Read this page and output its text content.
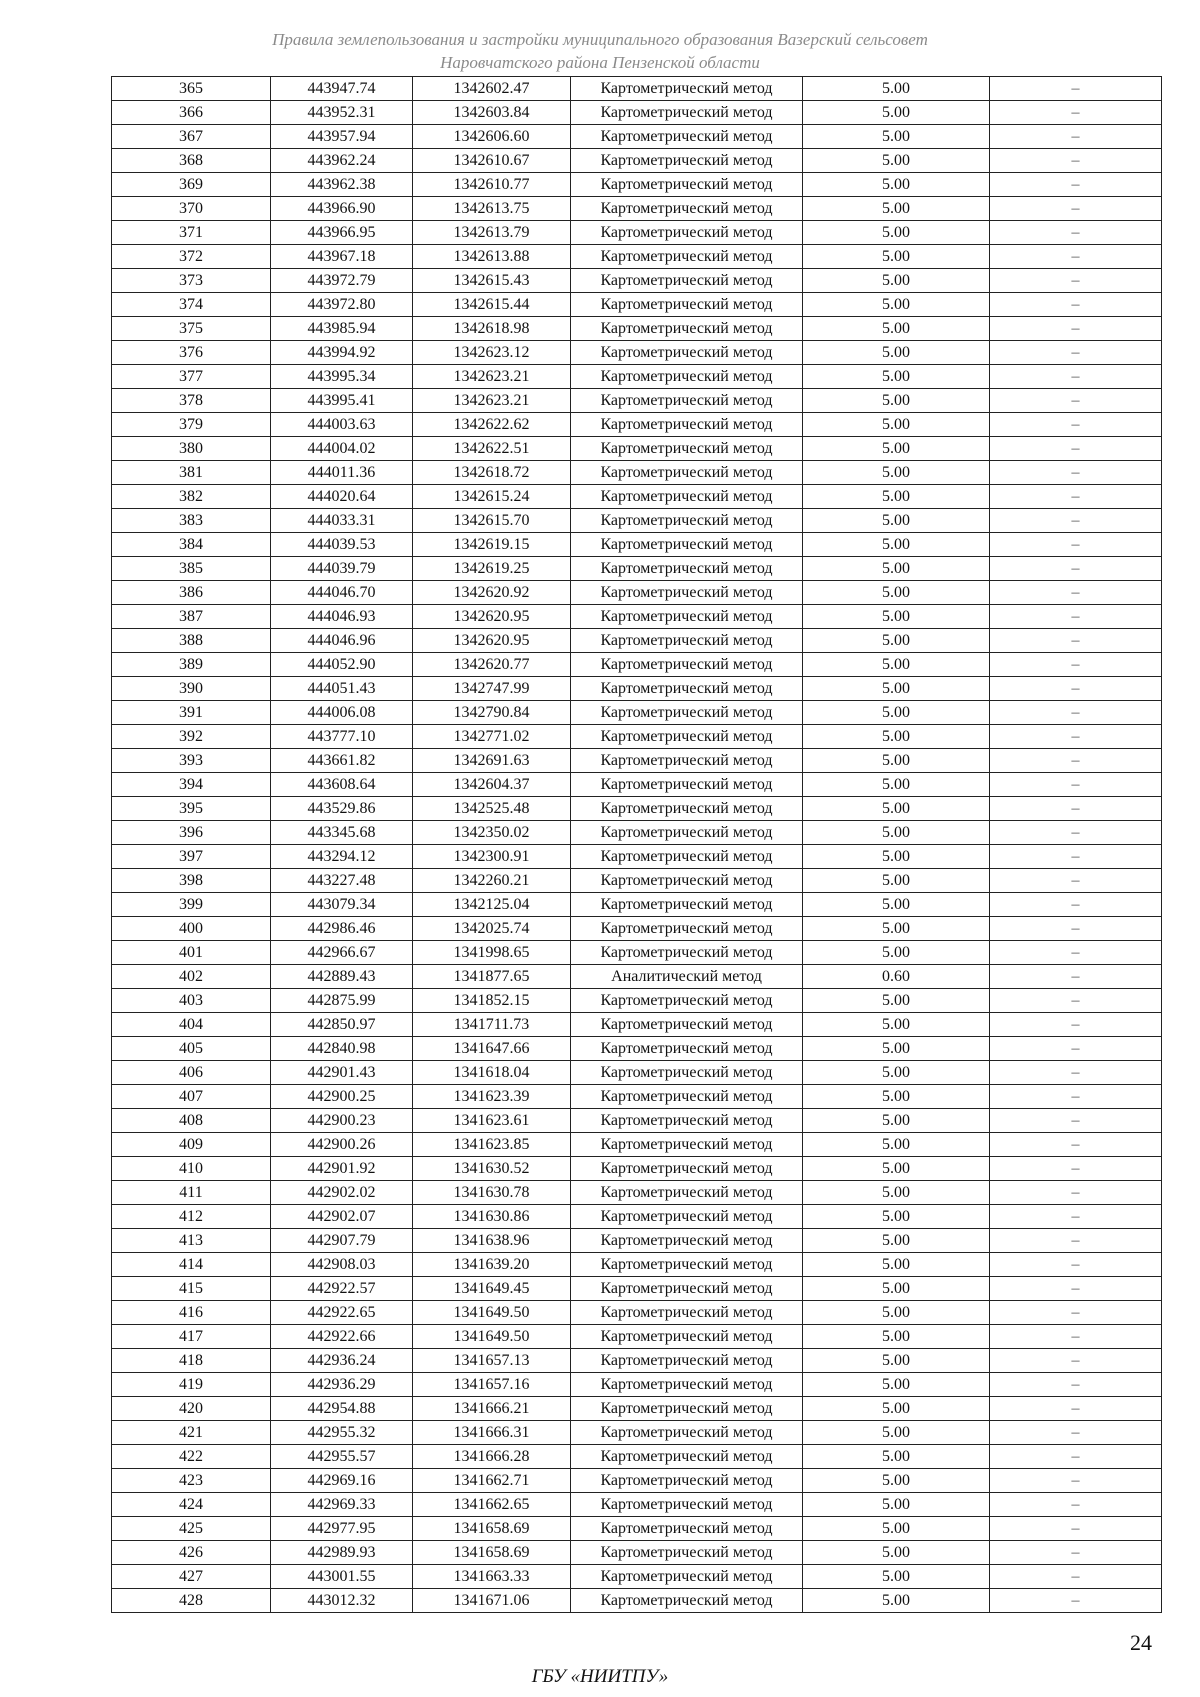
Правила землепользования и застройки муниципального образования Вазерский сельсовет
Наровчатского района Пензенской области
365	443947.74	1342602.47	Картометрический метод	5.00	–
366	443952.31	1342603.84	Картометрический метод	5.00	–
367	443957.94	1342606.60	Картометрический метод	5.00	–
368	443962.24	1342610.67	Картометрический метод	5.00	–
369	443962.38	1342610.77	Картометрический метод	5.00	–
370	443966.90	1342613.75	Картометрический метод	5.00	–
371	443966.95	1342613.79	Картометрический метод	5.00	–
372	443967.18	1342613.88	Картометрический метод	5.00	–
373	443972.79	1342615.43	Картометрический метод	5.00	–
374	443972.80	1342615.44	Картометрический метод	5.00	–
375	443985.94	1342618.98	Картометрический метод	5.00	–
376	443994.92	1342623.12	Картометрический метод	5.00	–
377	443995.34	1342623.21	Картометрический метод	5.00	–
378	443995.41	1342623.21	Картометрический метод	5.00	–
379	444003.63	1342622.62	Картометрический метод	5.00	–
380	444004.02	1342622.51	Картометрический метод	5.00	–
381	444011.36	1342618.72	Картометрический метод	5.00	–
382	444020.64	1342615.24	Картометрический метод	5.00	–
383	444033.31	1342615.70	Картометрический метод	5.00	–
384	444039.53	1342619.15	Картометрический метод	5.00	–
385	444039.79	1342619.25	Картометрический метод	5.00	–
386	444046.70	1342620.92	Картометрический метод	5.00	–
387	444046.93	1342620.95	Картометрический метод	5.00	–
388	444046.96	1342620.95	Картометрический метод	5.00	–
389	444052.90	1342620.77	Картометрический метод	5.00	–
390	444051.43	1342747.99	Картометрический метод	5.00	–
391	444006.08	1342790.84	Картометрический метод	5.00	–
392	443777.10	1342771.02	Картометрический метод	5.00	–
393	443661.82	1342691.63	Картометрический метод	5.00	–
394	443608.64	1342604.37	Картометрический метод	5.00	–
395	443529.86	1342525.48	Картометрический метод	5.00	–
396	443345.68	1342350.02	Картометрический метод	5.00	–
397	443294.12	1342300.91	Картометрический метод	5.00	–
398	443227.48	1342260.21	Картометрический метод	5.00	–
399	443079.34	1342125.04	Картометрический метод	5.00	–
400	442986.46	1342025.74	Картометрический метод	5.00	–
401	442966.67	1341998.65	Картометрический метод	5.00	–
402	442889.43	1341877.65	Аналитический метод	0.60	–
403	442875.99	1341852.15	Картометрический метод	5.00	–
404	442850.97	1341711.73	Картометрический метод	5.00	–
405	442840.98	1341647.66	Картометрический метод	5.00	–
406	442901.43	1341618.04	Картометрический метод	5.00	–
407	442900.25	1341623.39	Картометрический метод	5.00	–
408	442900.23	1341623.61	Картометрический метод	5.00	–
409	442900.26	1341623.85	Картометрический метод	5.00	–
410	442901.92	1341630.52	Картометрический метод	5.00	–
411	442902.02	1341630.78	Картометрический метод	5.00	–
412	442902.07	1341630.86	Картометрический метод	5.00	–
413	442907.79	1341638.96	Картометрический метод	5.00	–
414	442908.03	1341639.20	Картометрический метод	5.00	–
415	442922.57	1341649.45	Картометрический метод	5.00	–
416	442922.65	1341649.50	Картометрический метод	5.00	–
417	442922.66	1341649.50	Картометрический метод	5.00	–
418	442936.24	1341657.13	Картометрический метод	5.00	–
419	442936.29	1341657.16	Картометрический метод	5.00	–
420	442954.88	1341666.21	Картометрический метод	5.00	–
421	442955.32	1341666.31	Картометрический метод	5.00	–
422	442955.57	1341666.28	Картометрический метод	5.00	–
423	442969.16	1341662.71	Картометрический метод	5.00	–
424	442969.33	1341662.65	Картометрический метод	5.00	–
425	442977.95	1341658.69	Картометрический метод	5.00	–
426	442989.93	1341658.69	Картометрический метод	5.00	–
427	443001.55	1341663.33	Картометрический метод	5.00	–
428	443012.32	1341671.06	Картометрический метод	5.00	–
24
ГБУ «НИИТПУ»
